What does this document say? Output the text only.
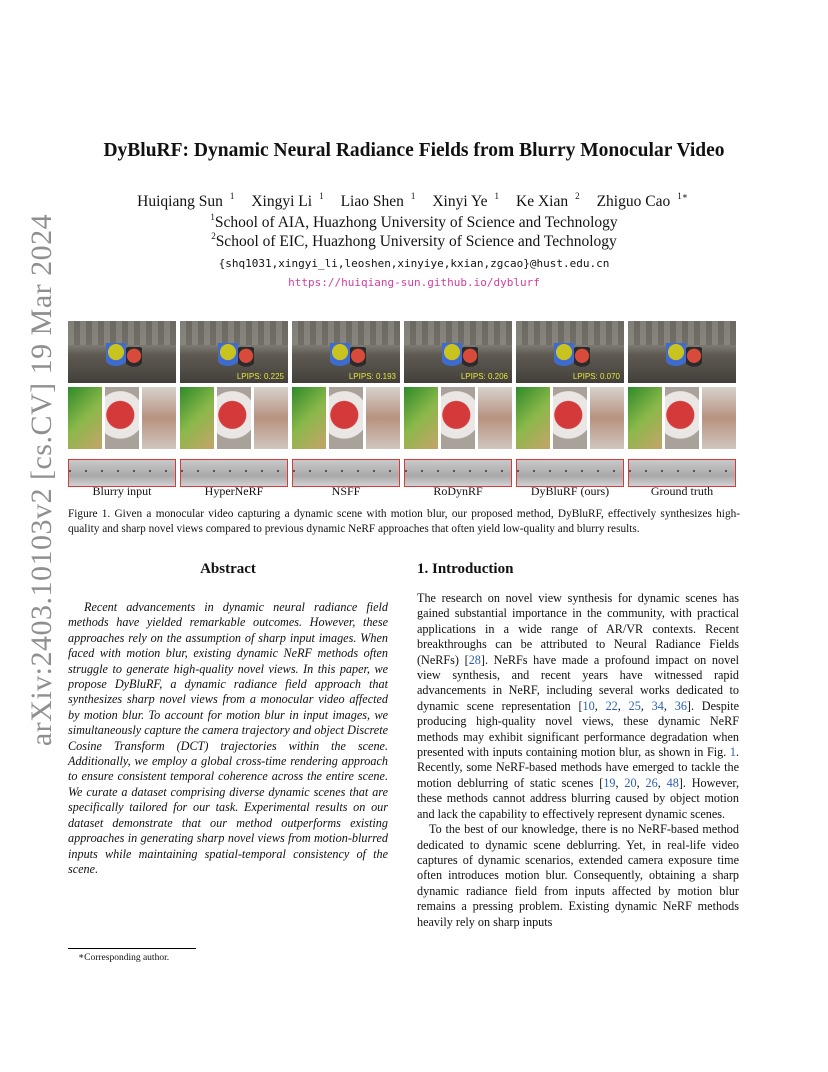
arXiv:2403.10103v2 [cs.CV] 19 Mar 2024
DyBluRF: Dynamic Neural Radiance Fields from Blurry Monocular Video
Huiqiang Sun $^1$ Xingyi Li $^1$ Liao Shen $^1$ Xinyi Ye $^1$ Ke Xian $^2$ Zhiguo Cao $^{1∗}$
$^1$School of AIA, Huazhong University of Science and Technology
$^2$School of EIC, Huazhong University of Science and Technology
{shq1031,xingyi_li,leoshen,xinyiye,kxian,zgcao}@hust.edu.cn
https://huiqiang-sun.github.io/dyblurf
Blurry input
LPIPS: 0.225
HyperNeRF
LPIPS: 0.193
NSFF
LPIPS: 0.206
RoDynRF
LPIPS: 0.070
DyBluRF (ours)	Ground truth
Figure 1. Given a monocular video capturing a dynamic scene with motion blur, our proposed method, DyBluRF, effectively synthesizes high-quality and sharp novel views compared to previous dynamic NeRF approaches that often yield low-quality and blurry results.
Abstract
Recent advancements in dynamic neural radiance field methods have yielded remarkable outcomes. However, these approaches rely on the assumption of sharp input images. When faced with motion blur, existing dynamic NeRF methods often struggle to generate high-quality novel views. In this paper, we propose DyBluRF, a dynamic radiance field approach that synthesizes sharp novel views from a monocular video affected by motion blur. To account for motion blur in input images, we simultaneously capture the camera trajectory and object Discrete Cosine Transform (DCT) trajectories within the scene. Additionally, we employ a global cross-time rendering approach to ensure consistent temporal coherence across the entire scene. We curate a dataset comprising diverse dynamic scenes that are specifically tailored for our task. Experimental results on our dataset demonstrate that our method outperforms existing approaches in generating sharp novel views from motion-blurred inputs while maintaining spatial-temporal consistency of the scene.
1. Introduction

The research on novel view synthesis for dynamic scenes has gained substantial importance in the community, with practical applications in a wide range of AR/VR contexts. Recent breakthroughs can be attributed to Neural Radiance Fields (NeRFs) [28]. NeRFs have made a profound impact on novel view synthesis, and recent years have witnessed rapid advancements in NeRF, including several works dedicated to dynamic scene representation [10, 22, 25, 34, 36]. Despite producing high-quality novel views, these dynamic NeRF methods may exhibit significant performance degradation when presented with inputs containing motion blur, as shown in Fig. 1. Recently, some NeRF-based methods have emerged to tackle the motion deblurring of static scenes [19, 20, 26, 48]. However, these methods cannot address blurring caused by object motion and lack the capability to effectively represent dynamic scenes.

To the best of our knowledge, there is no NeRF-based method dedicated to dynamic scene deblurring. Yet, in real-life video captures of dynamic scenarios, extended camera exposure time often introduces motion blur. Consequently, obtaining a sharp dynamic radiance field from inputs affected by motion blur remains a pressing problem. Existing dynamic NeRF methods heavily rely on sharp inputs

∗Corresponding author.
